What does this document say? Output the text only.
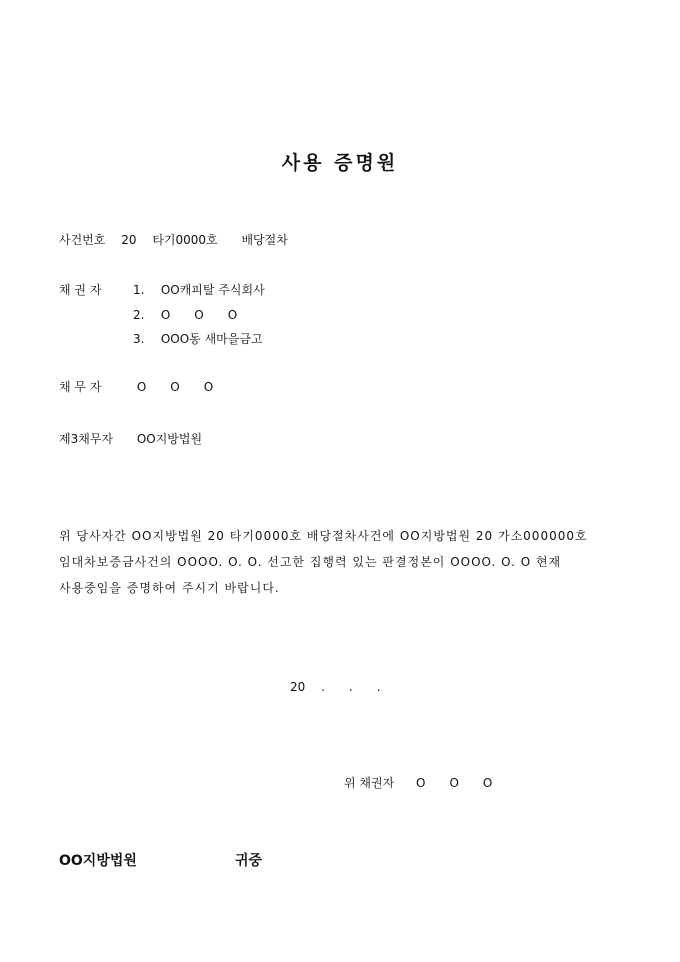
사용 증명원
사건번호 20 타기0000호 배당절차
채 권 자	1. OO캐피탈 주식회사
2. O　　O　　O
3. OOO동 새마을금고
채 무 자	O　　O　　O
제3채무자 OO지방법원
위 당사자간 OO지방법원 20 타기0000호 배당절차사건에 OO지방법원 20 가소000000호
임대차보증금사건의 OOOO. O. O. 선고한 집행력 있는 판결정본이 OOOO. O. O 현재
사용중임을 증명하여 주시기 바랍니다.
20　 .　　.　　.
위 채권자 O　　O　　O
OO지방법원	귀중
